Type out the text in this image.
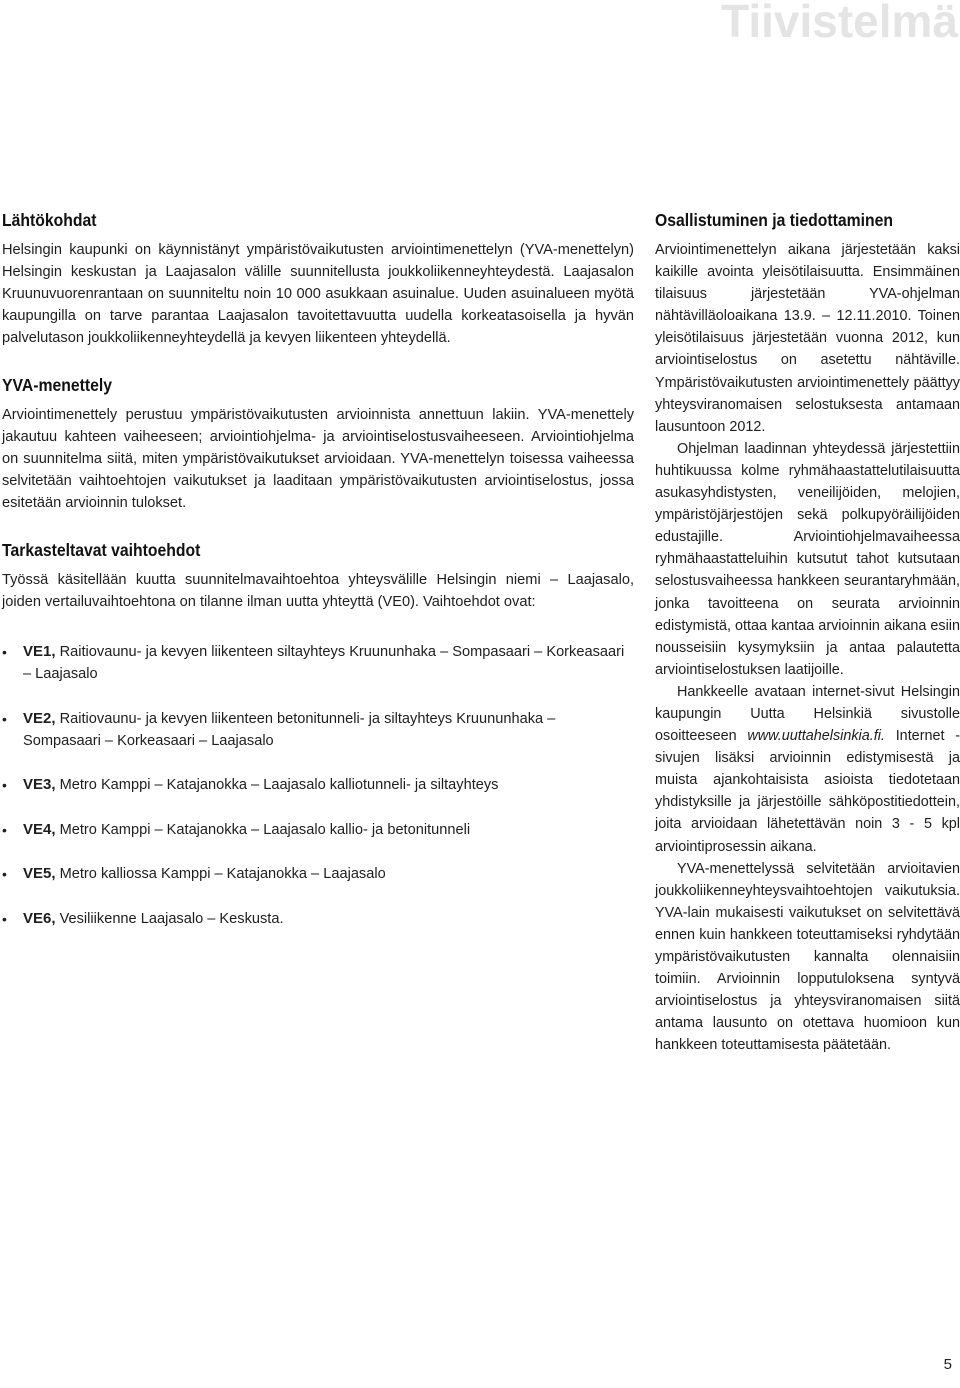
Tiivistelmä
Lähtökohdat

Helsingin kaupunki on käynnistänyt ympäristövaikutusten arviointimenettelyn (YVA-menettelyn) Helsingin keskustan ja Laajasalon välille suunnitellusta joukkoliikenneyhteydestä. Laajasalon Kruunuvuorenrantaan on suunniteltu noin 10 000 asukkaan asuinalue. Uuden asuinalueen myötä kaupungilla on tarve parantaa Laajasalon tavoitettavuutta uudella korkeatasoisella ja hyvän palvelutason joukkoliikenneyhteydellä ja kevyen liikenteen yhteydellä.

YVA-menettely

Arviointimenettely perustuu ympäristövaikutusten arvioinnista annettuun lakiin. YVA-menettely jakautuu kahteen vaiheeseen; arviointiohjelma- ja arviointiselostusvaiheeseen. Arviointiohjelma on suunnitelma siitä, miten ympäristövaikutukset arvioidaan. YVA-menettelyn toisessa vaiheessa selvitetään vaihtoehtojen vaikutukset ja laaditaan ympäristövaikutusten arviointiselostus, jossa esitetään arvioinnin tulokset.

Tarkasteltavat vaihtoehdot

Työssä käsitellään kuutta suunnitelmavaihtoehtoa yhteysvälille Helsingin niemi – Laajasalo, joiden vertailuvaihtoehtona on tilanne ilman uutta yhteyttä (VE0). Vaihtoehdot ovat:

• VE1, Raitiovaunu- ja kevyen liikenteen siltayhteys Kruununhaka – Sompasaari – Korkeasaari – Laajasalo
• VE2, Raitiovaunu- ja kevyen liikenteen betonitunneli- ja siltayhteys Kruununhaka – Sompasaari – Korkeasaari – Laajasalo
• VE3, Metro Kamppi – Katajanokka – Laajasalo kalliotunneli- ja siltayhteys
• VE4, Metro Kamppi – Katajanokka – Laajasalo kallio- ja betonitunneli
• VE5, Metro kalliossa Kamppi – Katajanokka – Laajasalo
• VE6, Vesiliikenne Laajasalo – Keskusta.
Osallistuminen ja tiedottaminen

Arviointimenettelyn aikana järjestetään kaksi kaikille avointa yleisötilaisuutta. Ensimmäinen tilaisuus järjestetään YVA-ohjelman nähtävilläoloaikana 13.9. – 12.11.2010. Toinen yleisötilaisuus järjestetään vuonna 2012, kun arviointiselostus on asetettu nähtäville. Ympäristövaikutusten arviointimenettely päättyy yhteysviranomaisen selostuksesta antamaan lausuntoon 2012.

Ohjelman laadinnan yhteydessä järjestettiin huhtikuussa kolme ryhmähaastattelutilaisuutta asukasyhdistysten, veneilijöiden, melojien, ympäristöjärjestöjen sekä polkupyöräilijöiden edustajille. Arviointiohjelmavaiheessa ryhmähaastatteluihin kutsutut tahot kutsutaan selostusvaiheessa hankkeen seurantaryhmään, jonka tavoitteena on seurata arvioinnin edistymistä, ottaa kantaa arvioinnin aikana esiin nousseisiin kysymyksiin ja antaa palautetta arviointiselostuksen laatijoille.

Hankkeelle avataan internet-sivut Helsingin kaupungin Uutta Helsinkiä sivustolle osoitteeseen www.uuttahelsinkia.fi. Internet -sivujen lisäksi arvioinnin edistymisestä ja muista ajankohtaisista asioista tiedotetaan yhdistyksille ja järjestöille sähköpostitiedottein, joita arvioidaan lähetettävän noin 3 - 5 kpl arviointiprosessin aikana.

YVA-menettelyssä selvitetään arvioitavien joukkoliikenneyhteysvaihtoehtojen vaikutuksia. YVA-lain mukaisesti vaikutukset on selvitettävä ennen kuin hankkeen toteuttamiseksi ryhdytään ympäristövaikutusten kannalta olennaisiin toimiin. Arvioinnin lopputuloksena syntyvä arviointiselostus ja yhteysviranomaisen siitä antama lausunto on otettava huomioon kun hankkeen toteuttamisesta päätetään.

5
